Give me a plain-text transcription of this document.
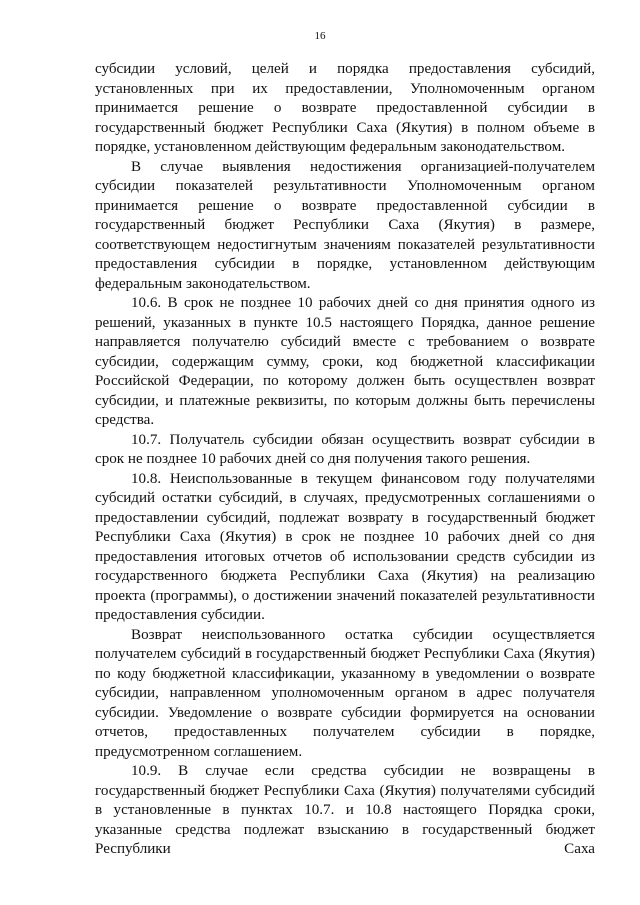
16

субсидии условий, целей и порядка предоставления субсидий, установленных при их предоставлении, Уполномоченным органом принимается решение о возврате предоставленной субсидии в государственный бюджет Республики Саха (Якутия) в полном объеме в порядке, установленном действующим федеральным законодательством.

В случае выявления недостижения организацией-получателем субсидии показателей результативности Уполномоченным органом принимается решение о возврате предоставленной субсидии в государственный бюджет Республики Саха (Якутия) в размере, соответствующем недостигнутым значениям показателей результативности предоставления субсидии в порядке, установленном действующим федеральным законодательством.

10.6. В срок не позднее 10 рабочих дней со дня принятия одного из решений, указанных в пункте 10.5 настоящего Порядка, данное решение направляется получателю субсидий вместе с требованием о возврате субсидии, содержащим сумму, сроки, код бюджетной классификации Российской Федерации, по которому должен быть осуществлен возврат субсидии, и платежные реквизиты, по которым должны быть перечислены средства.

10.7. Получатель субсидии обязан осуществить возврат субсидии в срок не позднее 10 рабочих дней со дня получения такого решения.

10.8. Неиспользованные в текущем финансовом году получателями субсидий остатки субсидий, в случаях, предусмотренных соглашениями о предоставлении субсидий, подлежат возврату в государственный бюджет Республики Саха (Якутия) в срок не позднее 10 рабочих дней со дня предоставления итоговых отчетов об использовании средств субсидии из государственного бюджета Республики Саха (Якутия) на реализацию проекта (программы), о достижении значений показателей результативности предоставления субсидии.

Возврат неиспользованного остатка субсидии осуществляется получателем субсидий в государственный бюджет Республики Саха (Якутия) по коду бюджетной классификации, указанному в уведомлении о возврате субсидии, направленном уполномоченным органом в адрес получателя субсидии. Уведомление о возврате субсидии формируется на основании отчетов, предоставленных получателем субсидии в порядке, предусмотренном соглашением.

10.9. В случае если средства субсидии не возвращены в государственный бюджет Республики Саха (Якутия) получателями субсидий в установленные в пунктах 10.7. и 10.8 настоящего Порядка сроки, указанные средства подлежат взысканию в государственный бюджет Республики Саха
